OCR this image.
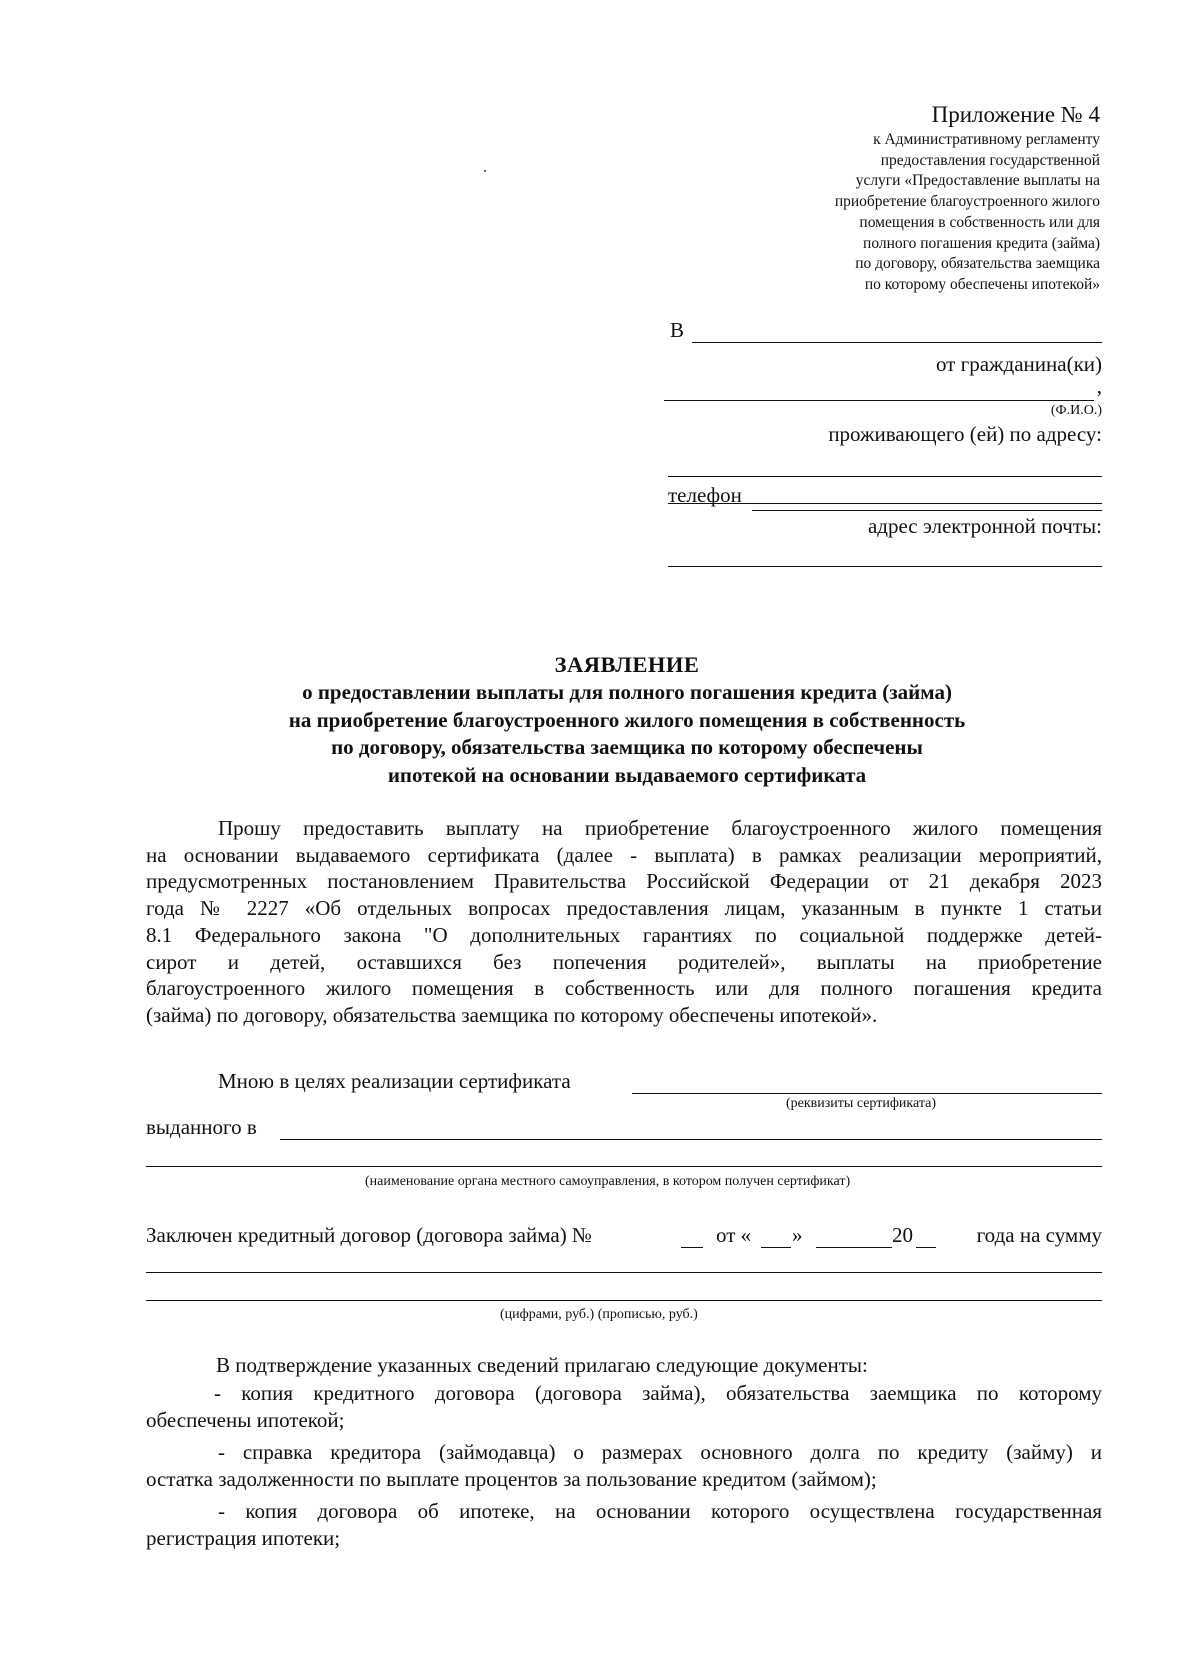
Приложение № 4
к Административному регламенту
предоставления государственной
услуги «Предоставление выплаты на
приобретение благоустроенного жилого
помещения в собственность или для
полного погашения кредита (займа)
по договору, обязательства заемщика
по которому обеспечены ипотекой»
В
от гражданина(ки)
,
(Ф.И.О.)
проживающего (ей) по адресу:
телефон
адрес электронной почты:
ЗАЯВЛЕНИЕ
о предоставлении выплаты для полного погашения кредита (займа)
на приобретение благоустроенного жилого помещения в собственность
по договору, обязательства заемщика по которому обеспечены
ипотекой на основании выдаваемого сертификата
Прошу предоставить выплату на приобретение благоустроенного жилого помещения
на основании выдаваемого сертификата (далее - выплата) в рамках реализации мероприятий,
предусмотренных постановлением Правительства Российской Федерации от 21 декабря 2023
года № 2227 «Об отдельных вопросах предоставления лицам, указанным в пункте 1 статьи
8.1 Федерального закона "О дополнительных гарантиях по социальной поддержке детей-
сирот и детей, оставшихся без попечения родителей», выплаты на приобретение
благоустроенного жилого помещения в собственность или для полного погашения кредита
(займа) по договору, обязательства заемщика по которому обеспечены ипотекой».
Мною в целях реализации сертификата
(реквизиты сертификата)
выданного в
(наименование органа местного самоуправления, в котором получен сертификат)
Заключен кредитный договор (договора займа) №	от « »	20	года на сумму
(цифрами, руб.) (прописью, руб.)

В подтверждение указанных сведений прилагаю следующие документы:

- копия кредитного договора (договора займа), обязательства заемщика по которому

обеспечены ипотекой;

- справка кредитора (займодавца) о размерах основного долга по кредиту (займу) и

остатка задолженности по выплате процентов за пользование кредитом (займом);

- копия договора об ипотеке, на основании которого осуществлена государственная

регистрация ипотеки;
